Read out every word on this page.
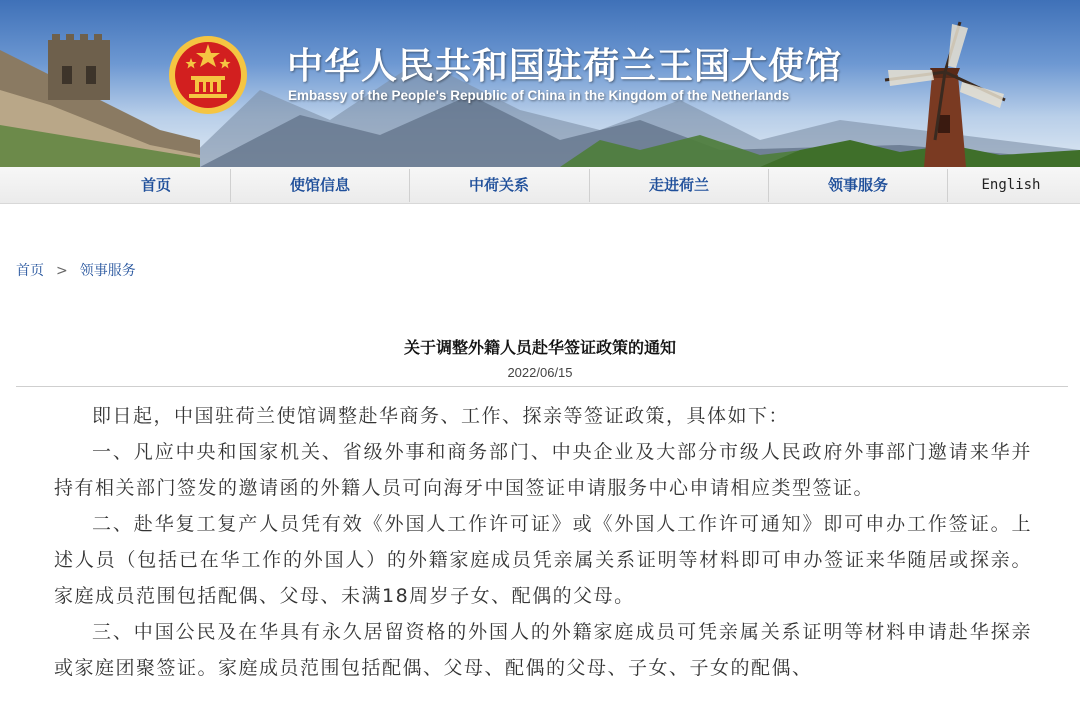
中华人民共和国驻荷兰王国大使馆
Embassy of the People's Republic of China in the Kingdom of the Netherlands
首页	使馆信息	中荷关系	走进荷兰	领事服务	English
首页 > 领事服务
关于调整外籍人员赴华签证政策的通知
2022/06/15

即日起，中国驻荷兰使馆调整赴华商务、工作、探亲等签证政策，具体如下：

一、凡应中央和国家机关、省级外事和商务部门、中央企业及大部分市级人民政府外事部门邀请来华并持有相关部门签发的邀请函的外籍人员可向海牙中国签证申请服务中心申请相应类型签证。

二、赴华复工复产人员凭有效《外国人工作许可证》或《外国人工作许可通知》即可申办工作签证。上述人员（包括已在华工作的外国人）的外籍家庭成员凭亲属关系证明等材料即可申办签证来华随居或探亲。家庭成员范围包括配偶、父母、未满18周岁子女、配偶的父母。

三、中国公民及在华具有永久居留资格的外国人的外籍家庭成员可凭亲属关系证明等材料申请赴华探亲或家庭团聚签证。家庭成员范围包括配偶、父母、配偶的父母、子女、子女的配偶、
